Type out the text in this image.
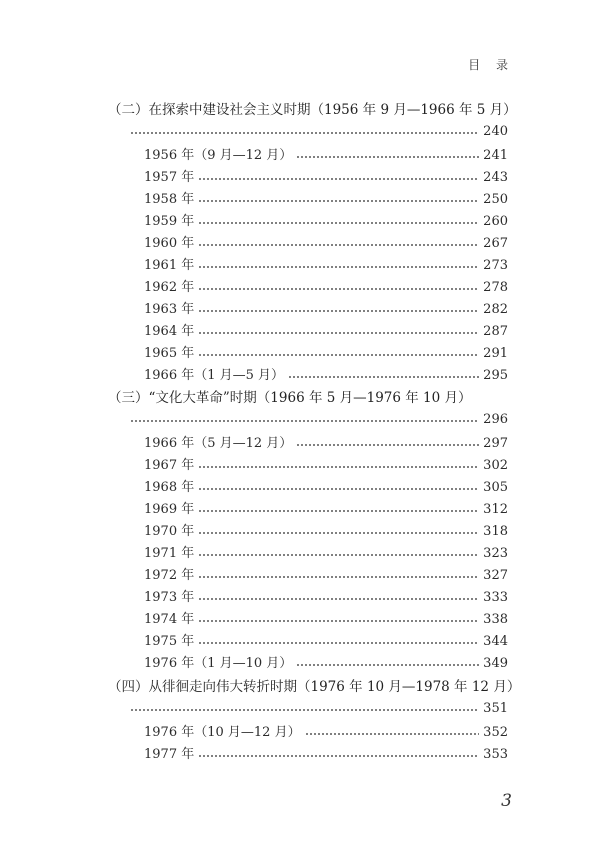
目 录
（二）在探索中建设社会主义时期（1956 年 9 月—1966 年 5 月）
240
1956 年（9 月—12 月）	241
1957 年	243
1958 年	250
1959 年	260
1960 年	267
1961 年	273
1962 年	278
1963 年	282
1964 年	287
1965 年	291
1966 年（1 月—5 月）	295
（三）“文化大革命”时期（1966 年 5 月—1976 年 10 月）
296
1966 年（5 月—12 月）	297
1967 年	302
1968 年	305
1969 年	312
1970 年	318
1971 年	323
1972 年	327
1973 年	333
1974 年	338
1975 年	344
1976 年（1 月—10 月）	349
（四）从徘徊走向伟大转折时期（1976 年 10 月—1978 年 12 月）
351
1976 年（10 月—12 月）	352
1977 年	353
3
